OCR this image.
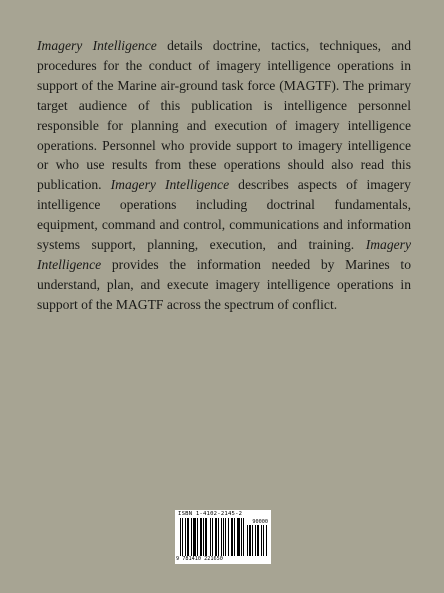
Imagery Intelligence details doctrine, tactics, techniques, and procedures for the conduct of imagery intelligence operations in support of the Marine air-ground task force (MAGTF). The primary target audience of this publication is intelligence personnel responsible for planning and execution of imagery intelligence operations. Personnel who provide support to imagery intelligence or who use results from these operations should also read this publication. Imagery Intelligence describes aspects of imagery intelligence operations including doctrinal fundamentals, equipment, command and control, communications and information systems support, planning, execution, and training. Imagery Intelligence provides the information needed by Marines to understand, plan, and execute imagery intelligence operations in support of the MAGTF across the spectrum of conflict.

ISBN 1-4102-2145-2
90000
9 781410 221650
